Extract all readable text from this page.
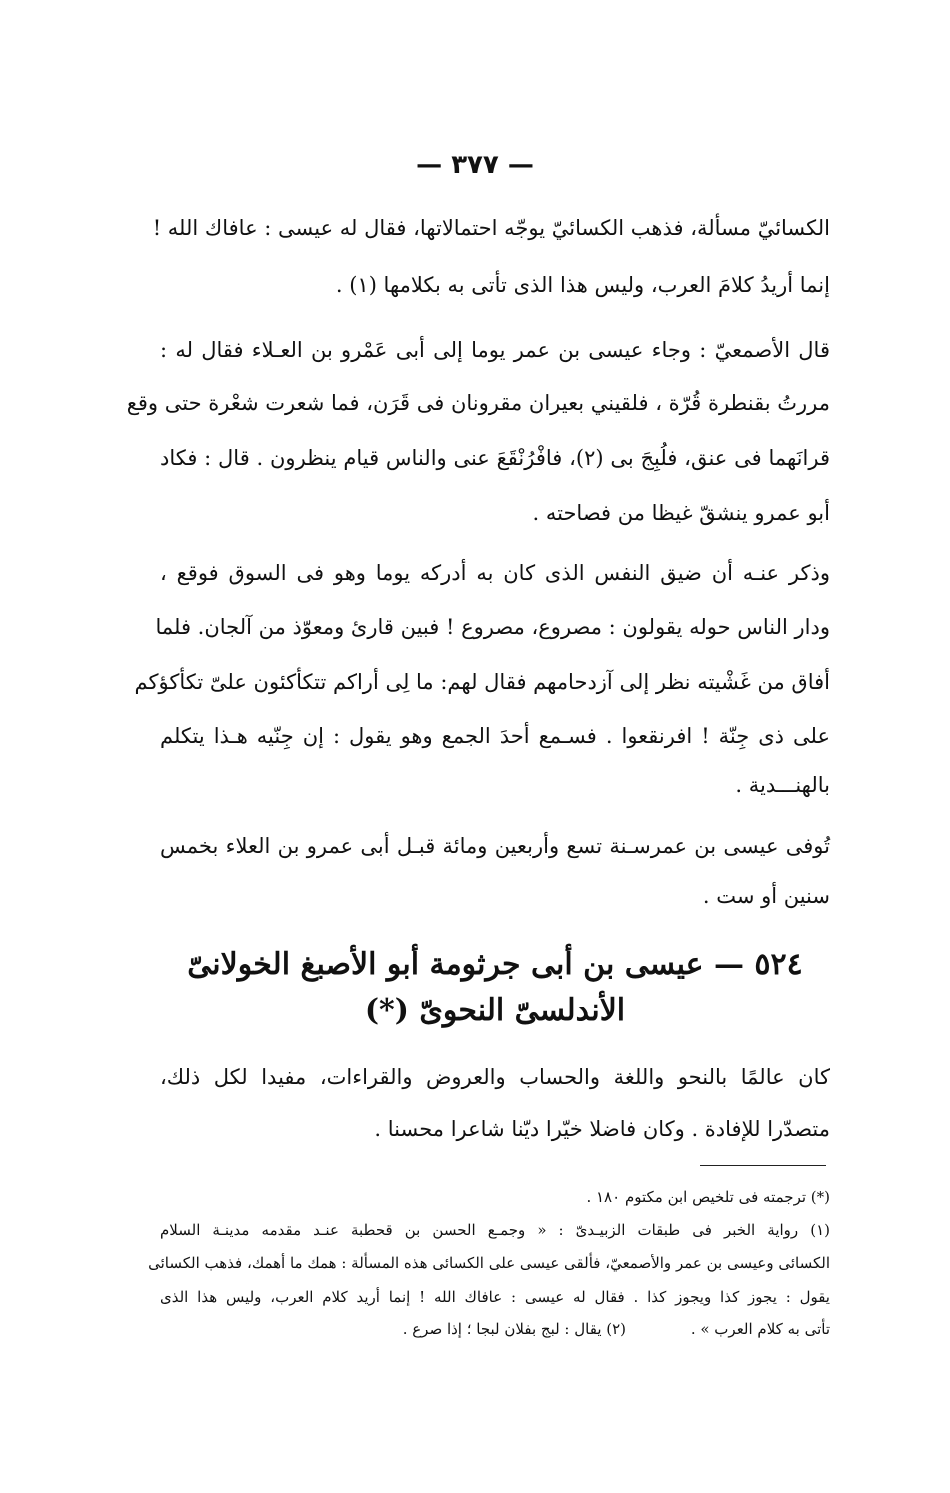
— ٣٧٧ —
الكسائيّ مسألة، فذهب الكسائيّ يوجّه احتمالاتها، فقال له عيسى : عافاك الله !
إنما أريدُ كلامَ العرب، وليس هذا الذى تأتى به بكلامها (١) .
قال الأصمعيّ : وجاء عيسى بن عمر يوما إلى أبى عَمْرو بن العـلاء فقال له :
مررتُ بقنطرة قُرّة ، فلقيني بعيران مقرونان فى قَرَن، فما شعرت شعْرة حتى وقع
قرانَهما فى عنق، فلُبِجَ بى (٢)، فافْرُنْقَعَ عنى والناس قيام ينظرون . قال : فكاد
أبو عمرو ينشقّ غيظا من فصاحته .
وذكر عنـه أن ضيق النفس الذى كان به أدركه يوما وهو فى السوق فوقع ،
ودار الناس حوله يقولون : مصروع، مصروع ! فبين قارئ ومعوّذ من آلجان. فلما
أفاق من غَشْيته نظر إلى آزدحامهم فقال لهم: ما لِى أراكم تتكأكئون علىّ تكأكؤكم
على ذى جِنّة ! افرنقعوا . فسـمع أحدَ الجمع وهو يقول : إن جِنّيه هـذا يتكلم
بالهنـــدية .
تُوفى عيسى بن عمرسـنة تسع وأربعين ومائة قبـل أبى عمرو بن العلاء بخمس
سنين أو ست .
٥٢٤ — عيسى بن أبى جرثومة أبو الأصبغ الخولانىّ
الأندلسىّ النحوىّ (*)
كان عالمًا بالنحو واللغة والحساب والعروض والقراءات، مفيدا لكل ذلك،
متصدّرا للإفادة . وكان فاضلا خيّرا ديّنا شاعرا محسنا .
(*) ترجمته فى تلخيص ابن مكتوم ١٨٠ .
(١) رواية الخبر فى طبقات الزبيـدىّ : « وجمـع الحسن بن قحطبة عنـد مقدمه مدينـة السلام
الكسائى وعيسى بن عمر والأصمعيّ، فألقى عيسى على الكسائى هذه المسألة : همك ما أهمك، فذهب الكسائى
يقول : يجوز كذا ويجوز كذا . فقال له عيسى : عافاك الله ! إنما أريد كلام العرب، وليس هذا الذى
تأتى به كلام العرب » . (٢) يقال : لبج بفلان لبجا ؛ إذا صرع .
